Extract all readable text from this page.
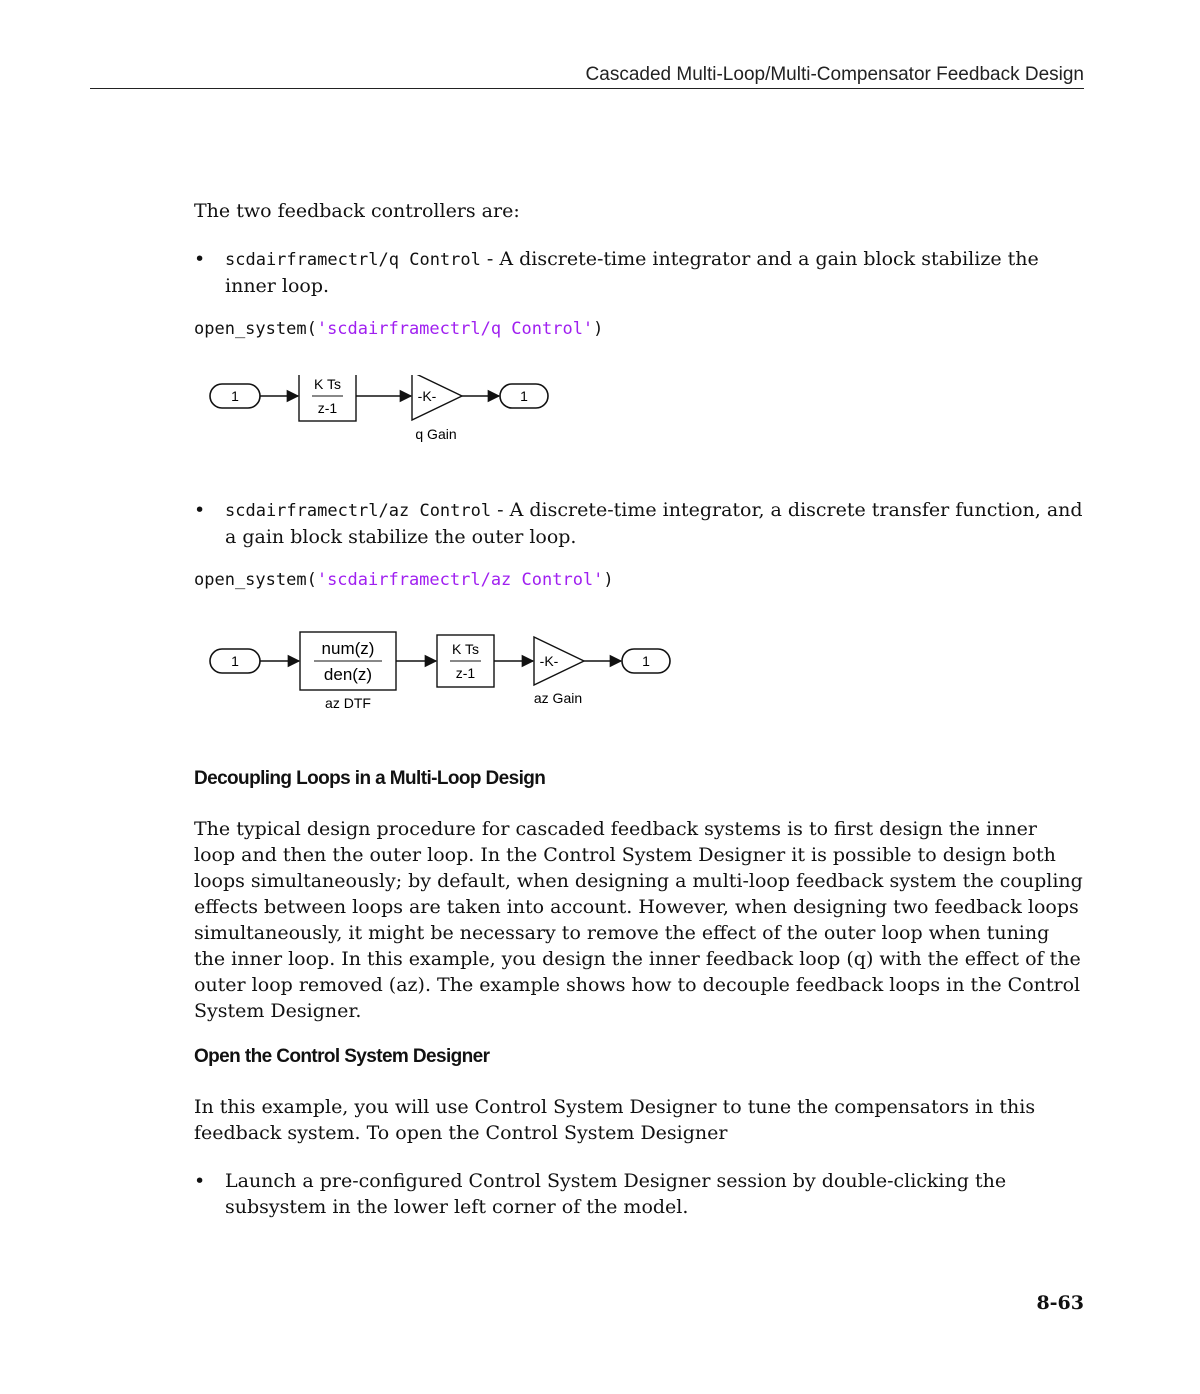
Cascaded Multi-Loop/Multi-Compensator Feedback Design

The two feedback controllers are:

• scdairframectrl/q Control - A discrete-time integrator and a gain block stabilize the inner loop.

open_system('scdairframectrl/q Control')

1
K Ts
z-1
-K-
q Gain
1

• scdairframectrl/az Control - A discrete-time integrator, a discrete transfer function, and a gain block stabilize the outer loop.

open_system('scdairframectrl/az Control')

1
num(z)
den(z)
az DTF
K Ts
z-1
-K-
az Gain
1
Decoupling Loops in a Multi-Loop Design

The typical design procedure for cascaded feedback systems is to first design the inner loop and then the outer loop. In the Control System Designer it is possible to design both loops simultaneously; by default, when designing a multi-loop feedback system the coupling effects between loops are taken into account. However, when designing two feedback loops simultaneously, it might be necessary to remove the effect of the outer loop when tuning the inner loop. In this example, you design the inner feedback loop (q) with the effect of the outer loop removed (az). The example shows how to decouple feedback loops in the Control System Designer.

Open the Control System Designer

In this example, you will use Control System Designer to tune the compensators in this feedback system. To open the Control System Designer

• Launch a pre-configured Control System Designer session by double-clicking the subsystem in the lower left corner of the model.

8-63
